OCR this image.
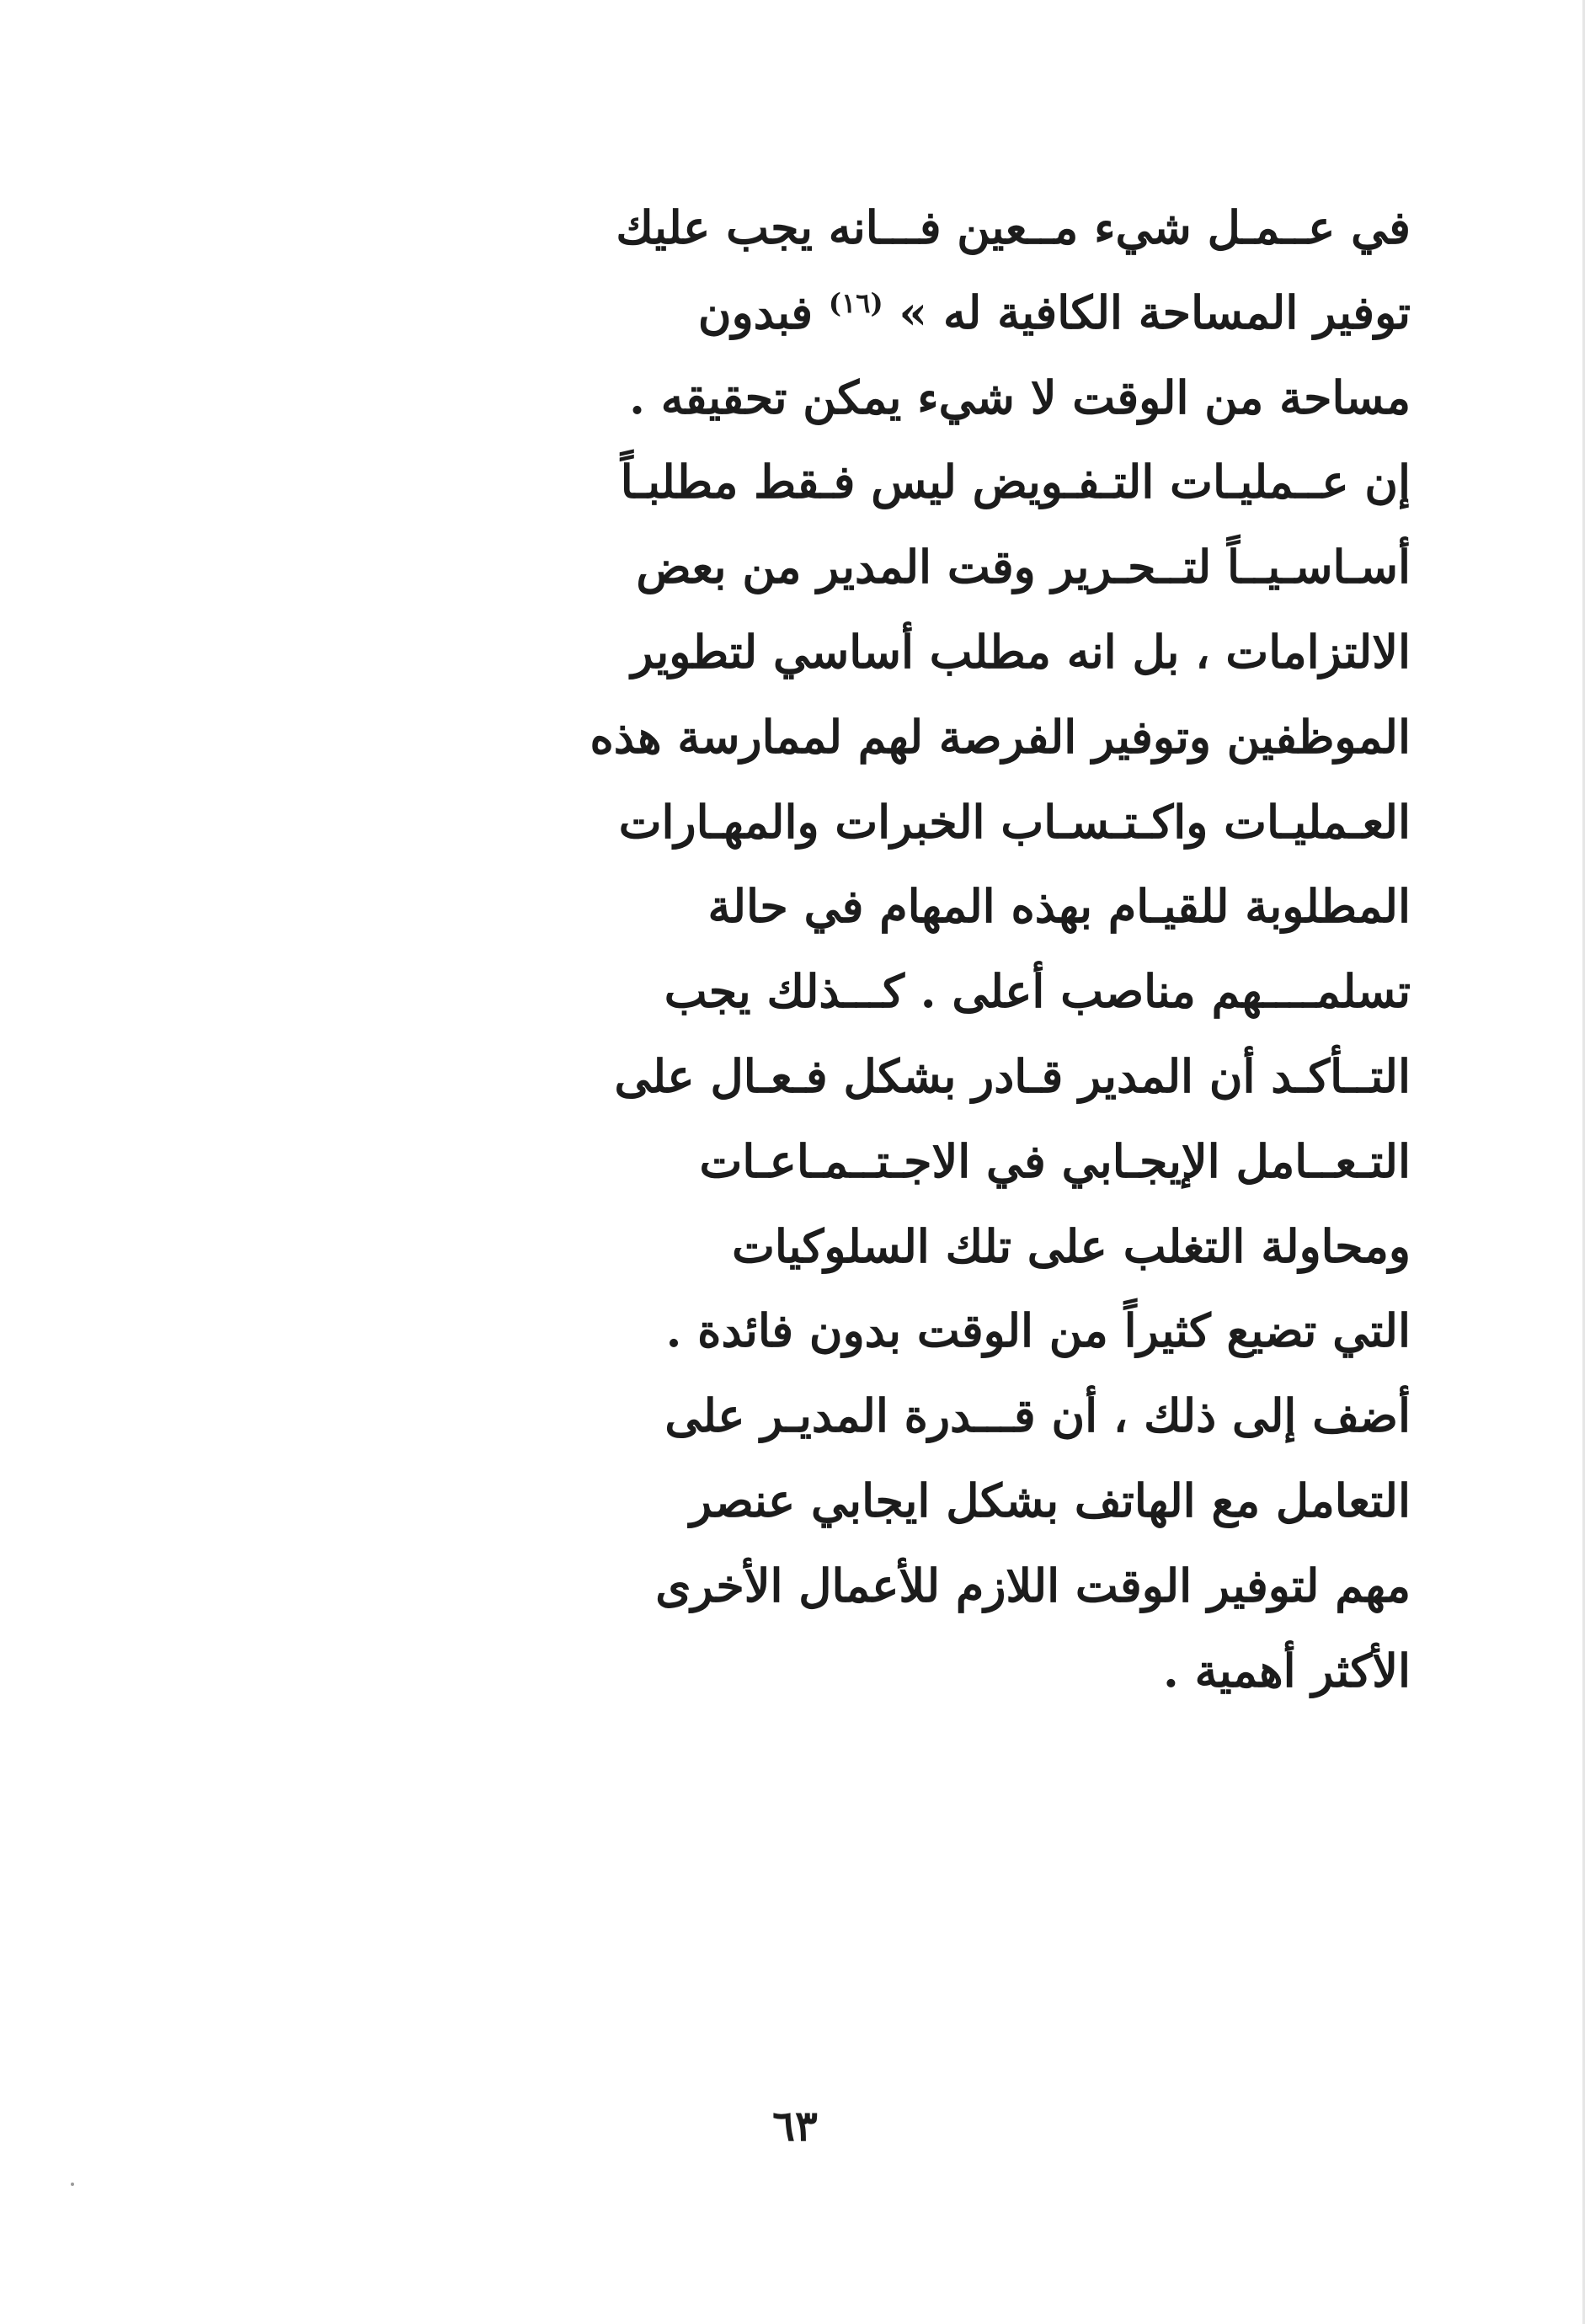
في عــمـل شيء مــعين فـــانه يجب عليك
توفير المساحة الكافية له » $^{(١٦)}$ فبدون
مساحة من الوقت لا شيء يمكن تحقيقه .
إن عــمليـات التـفـويض ليس فـقط مطلبـاً
أسـاسـيــاً لتــحـرير وقت المدير من بعض
الالتزامات ، بل انه مطلب أساسي لتطوير
الموظفين وتوفير الفرصة لهم لممارسة هذه
العـمليـات واكـتـسـاب الخبرات والمهـارات
المطلوبة للقيـام بهذه المهام في حالة
تسلمــــهم مناصب أعلى . كـــذلك يجب
التــأكـد أن المدير قـادر بشكل فـعـال على
التـعــامل الإيجـابي في الاجـتــمـاعـات
ومحاولة التغلب على تلك السلوكيات
التي تضيع كثيراً من الوقت بدون فائدة .
أضف إلى ذلك ، أن قـــدرة المديـر على
التعامل مع الهاتف بشكل ايجابي عنصر
مهم لتوفير الوقت اللازم للأعمال الأخرى
الأكثر أهمية .
٦٣
